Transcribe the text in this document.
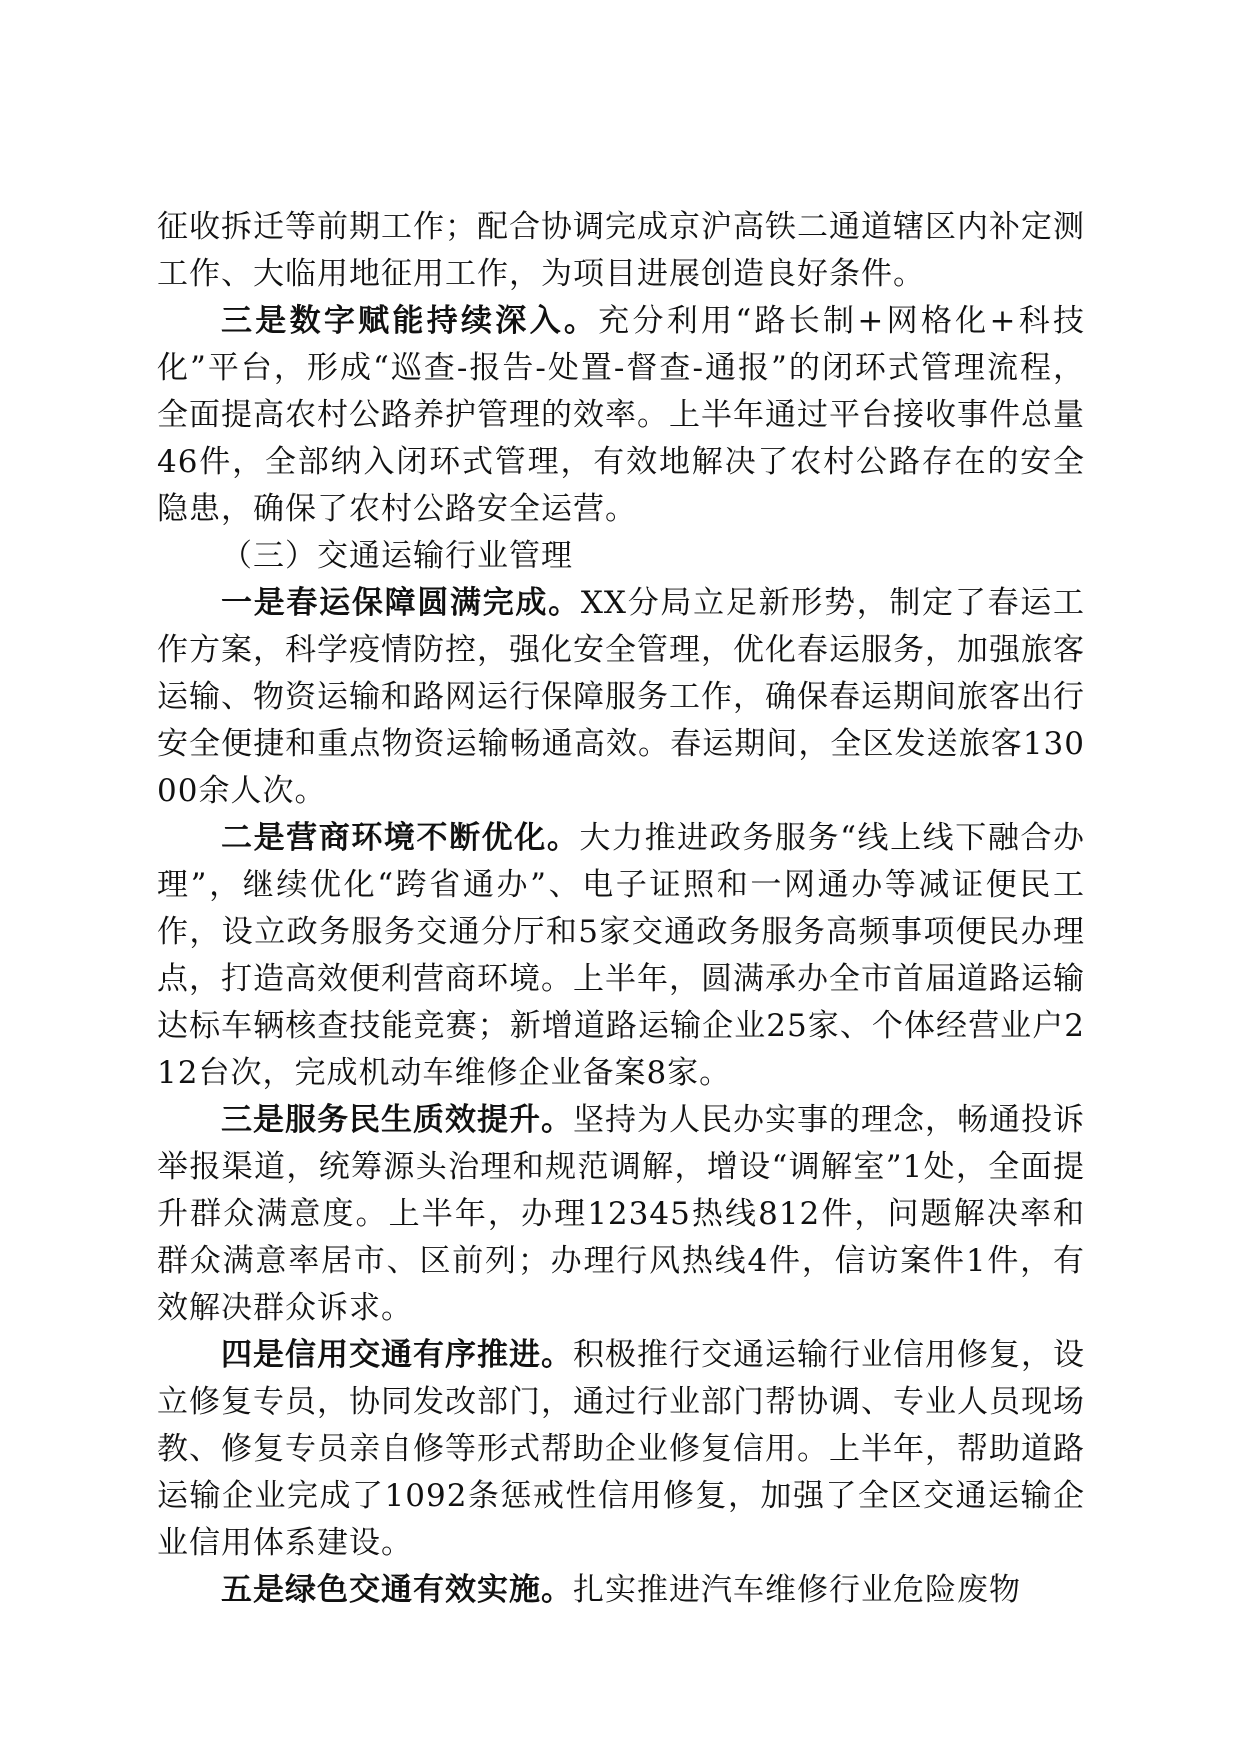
征收拆迁等前期工作；配合协调完成京沪高铁二通道辖区内补定测工作、大临用地征用工作，为项目进展创造良好条件。

三是数字赋能持续深入。充分利用“路长制+网格化+科技化”平台，形成“巡查-报告-处置-督查-通报”的闭环式管理流程，全面提高农村公路养护管理的效率。上半年通过平台接收事件总量46件，全部纳入闭环式管理，有效地解决了农村公路存在的安全隐患，确保了农村公路安全运营。

（三）交通运输行业管理

一是春运保障圆满完成。XX分局立足新形势，制定了春运工作方案，科学疫情防控，强化安全管理，优化春运服务，加强旅客运输、物资运输和路网运行保障服务工作，确保春运期间旅客出行安全便捷和重点物资运输畅通高效。春运期间，全区发送旅客13000余人次。

二是营商环境不断优化。大力推进政务服务“线上线下融合办理”，继续优化“跨省通办”、电子证照和一网通办等减证便民工作，设立政务服务交通分厅和5家交通政务服务高频事项便民办理点，打造高效便利营商环境。上半年，圆满承办全市首届道路运输达标车辆核查技能竞赛；新增道路运输企业25家、个体经营业户212台次，完成机动车维修企业备案8家。

三是服务民生质效提升。坚持为人民办实事的理念，畅通投诉举报渠道，统筹源头治理和规范调解，增设“调解室”1处，全面提升群众满意度。上半年，办理12345热线812件，问题解决率和群众满意率居市、区前列；办理行风热线4件，信访案件1件，有效解决群众诉求。

四是信用交通有序推进。积极推行交通运输行业信用修复，设立修复专员，协同发改部门，通过行业部门帮协调、专业人员现场教、修复专员亲自修等形式帮助企业修复信用。上半年，帮助道路运输企业完成了1092条惩戒性信用修复，加强了全区交通运输企业信用体系建设。

五是绿色交通有效实施。扎实推进汽车维修行业危险废物
